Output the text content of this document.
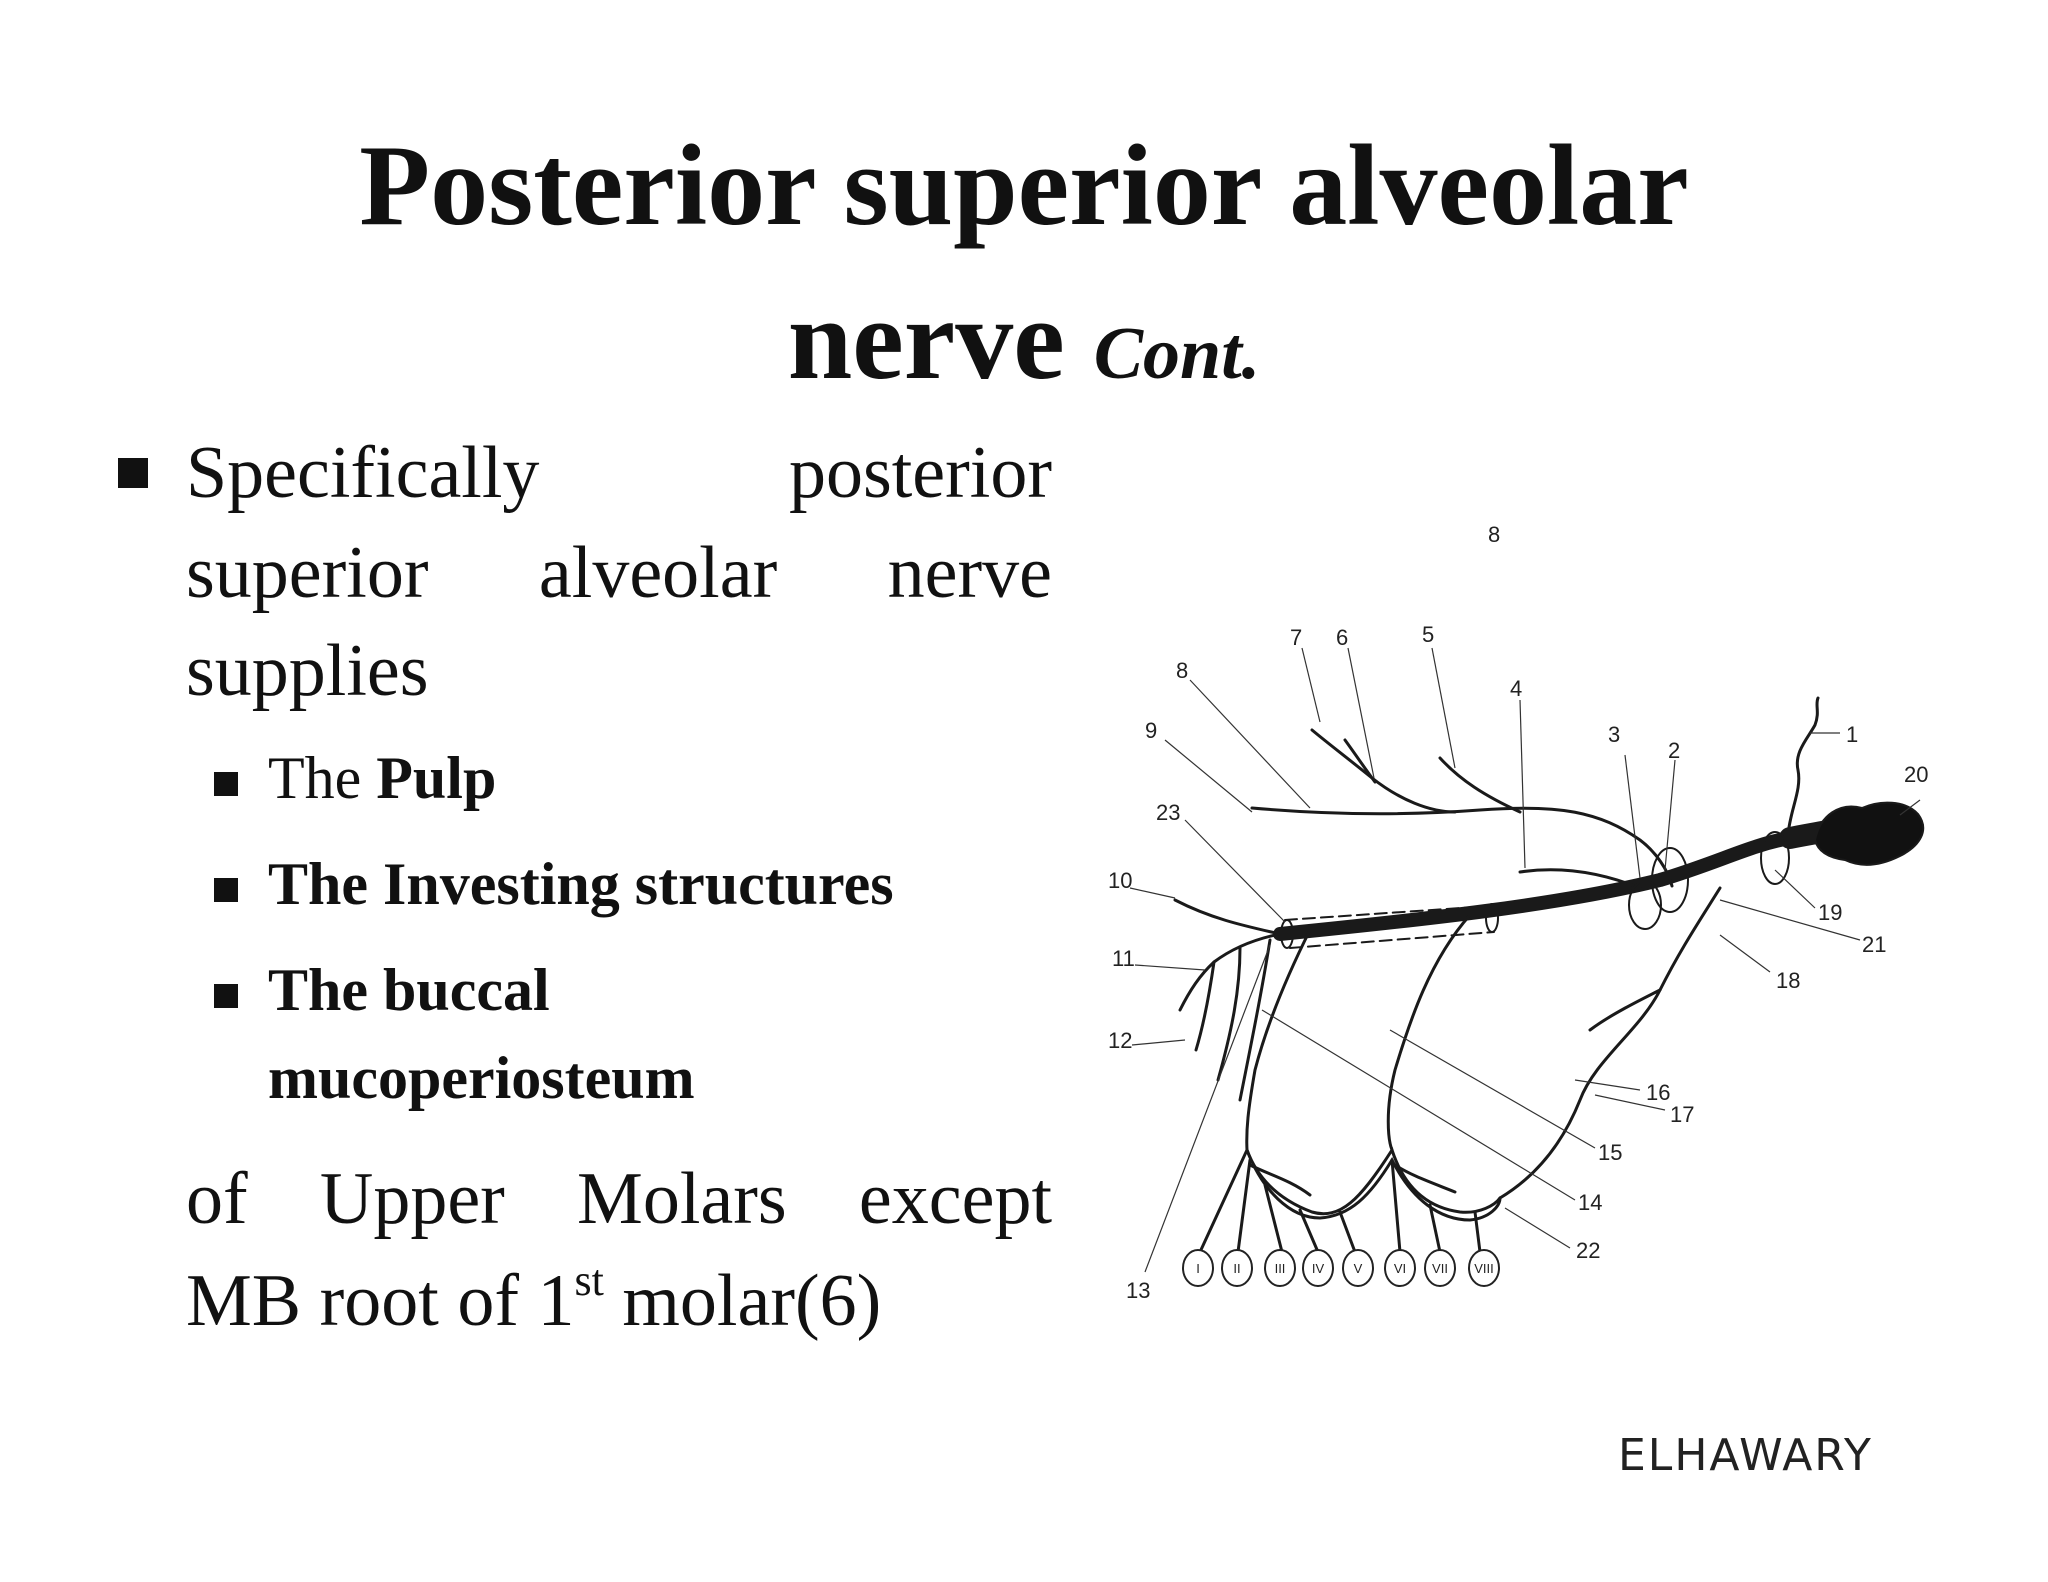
Posterior superior alveolar
nerve Cont.
Specifically	posterior
superior alveolar nerve
supplies
The Pulp
The Investing structures
The buccal
mucoperiosteum
of Upper Molars except
MB root of 1st molar(6)	I	II	III IV V VI VII VIII
1
2
3
4
5
6
7
8
8
9
10
11
12
13
14
15
16
17
18
19
20
21
22
23
ELHAWARY
